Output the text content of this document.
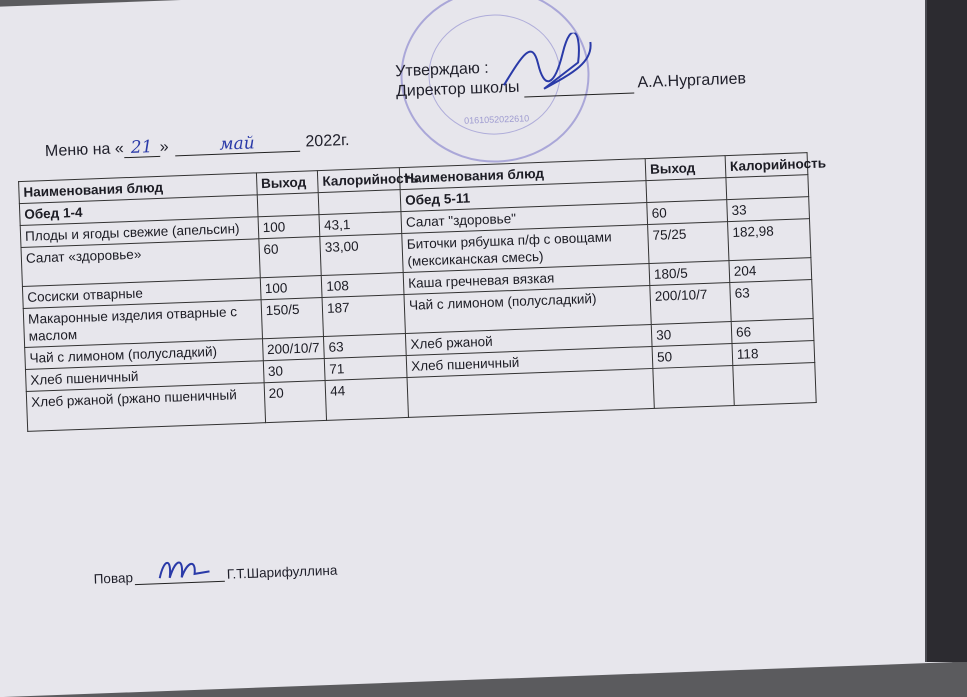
0161052022610
Утверждаю :
Директор школы	А.А.Нургалиев
Меню на « 21 »	май	2022г.
Наименования блюд	Выход	Калорийность	Наименования блюд	Выход	Калорийность
Обед 1-4			Обед 5-11		
Плоды и ягоды свежие (апельсин)	100	43,1	Салат "здоровье"	60	33
Салат «здоровье»	60	33,00	Биточки рябушка п/ф с овощами (мексиканская смесь)	75/25	182,98
Сосиски отварные	100	108	Каша гречневая вязкая	180/5	204
Макаронные изделия отварные с маслом	150/5	187	Чай с лимоном (полусладкий)	200/10/7	63
Чай с лимоном (полусладкий)	200/10/7	63	Хлеб ржаной	30	66
Хлеб пшеничный	30	71	Хлеб пшеничный	50	118
Хлеб ржаной (ржано пшеничный	20	44			
Повар	Г.Т.Шарифуллина
